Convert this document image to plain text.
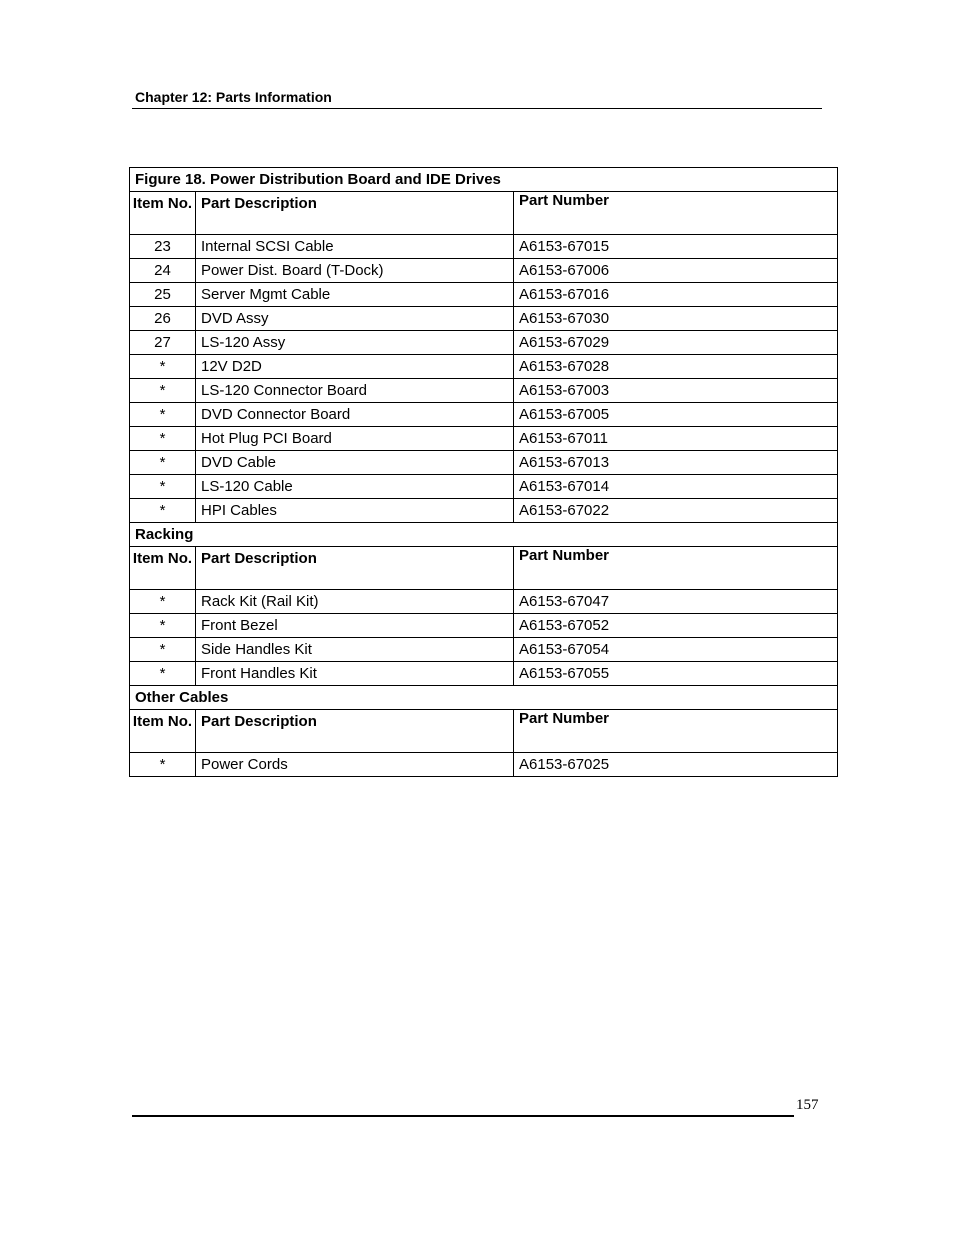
Chapter 12: Parts Information
Figure 18. Power Distribution Board and IDE Drives		
Item No.	Part Description	Part Number
23	Internal SCSI Cable	A6153-67015
24	Power Dist. Board (T-Dock)	A6153-67006
25	Server Mgmt Cable	A6153-67016
26	DVD Assy	A6153-67030
27	LS-120 Assy	A6153-67029
*	12V D2D	A6153-67028
*	LS-120 Connector Board	A6153-67003
*	DVD Connector Board	A6153-67005
*	Hot Plug PCI Board	A6153-67011
*	DVD Cable	A6153-67013
*	LS-120 Cable	A6153-67014
*	HPI Cables	A6153-67022
Racking		
Item No.	Part Description	Part Number
*	Rack Kit (Rail Kit)	A6153-67047
*	Front Bezel	A6153-67052
*	Side Handles Kit	A6153-67054
*	Front Handles Kit	A6153-67055
Other Cables		
Item No.	Part Description	Part Number
*	Power Cords	A6153-67025
157
